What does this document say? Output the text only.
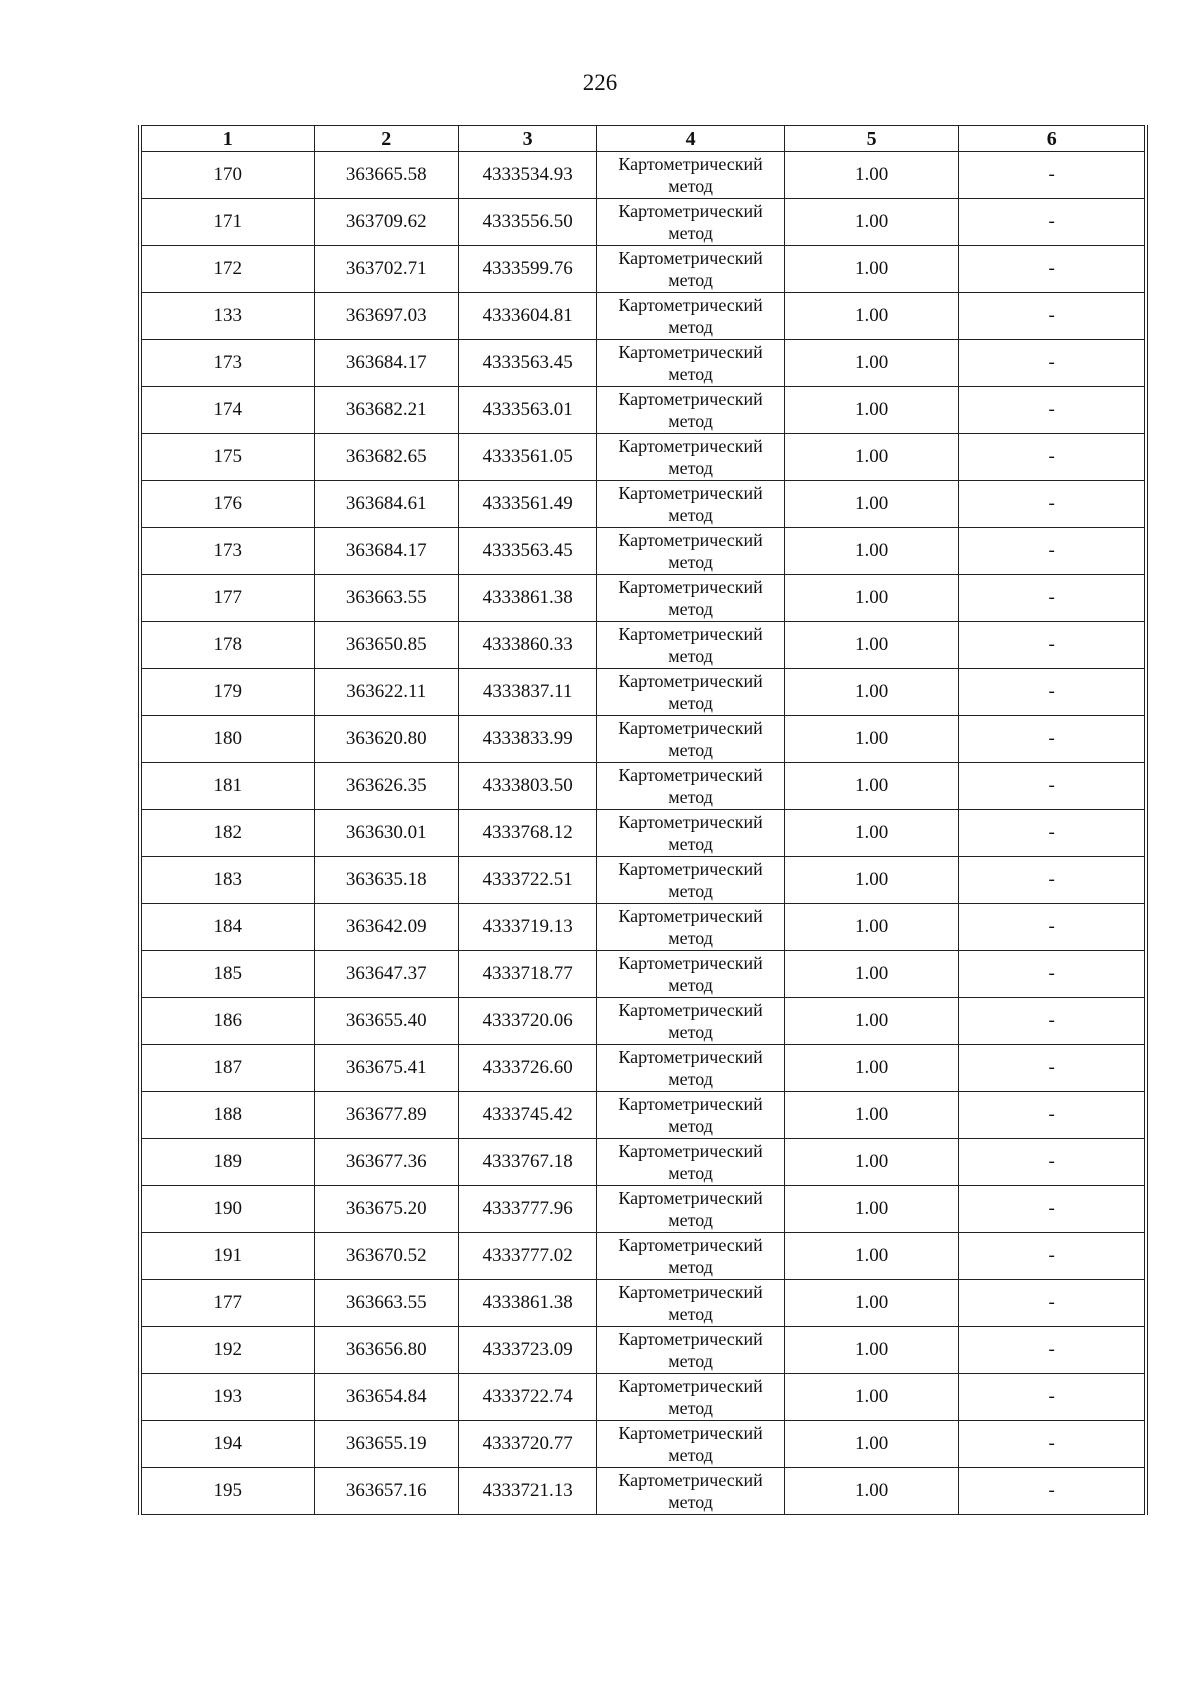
226
1	2	3	4	5	6
170	363665.58	4333534.93	Картометрический метод	1.00	-
171	363709.62	4333556.50	Картометрический метод	1.00	-
172	363702.71	4333599.76	Картометрический метод	1.00	-
133	363697.03	4333604.81	Картометрический метод	1.00	-
173	363684.17	4333563.45	Картометрический метод	1.00	-
174	363682.21	4333563.01	Картометрический метод	1.00	-
175	363682.65	4333561.05	Картометрический метод	1.00	-
176	363684.61	4333561.49	Картометрический метод	1.00	-
173	363684.17	4333563.45	Картометрический метод	1.00	-
177	363663.55	4333861.38	Картометрический метод	1.00	-
178	363650.85	4333860.33	Картометрический метод	1.00	-
179	363622.11	4333837.11	Картометрический метод	1.00	-
180	363620.80	4333833.99	Картометрический метод	1.00	-
181	363626.35	4333803.50	Картометрический метод	1.00	-
182	363630.01	4333768.12	Картометрический метод	1.00	-
183	363635.18	4333722.51	Картометрический метод	1.00	-
184	363642.09	4333719.13	Картометрический метод	1.00	-
185	363647.37	4333718.77	Картометрический метод	1.00	-
186	363655.40	4333720.06	Картометрический метод	1.00	-
187	363675.41	4333726.60	Картометрический метод	1.00	-
188	363677.89	4333745.42	Картометрический метод	1.00	-
189	363677.36	4333767.18	Картометрический метод	1.00	-
190	363675.20	4333777.96	Картометрический метод	1.00	-
191	363670.52	4333777.02	Картометрический метод	1.00	-
177	363663.55	4333861.38	Картометрический метод	1.00	-
192	363656.80	4333723.09	Картометрический метод	1.00	-
193	363654.84	4333722.74	Картометрический метод	1.00	-
194	363655.19	4333720.77	Картометрический метод	1.00	-
195	363657.16	4333721.13	Картометрический метод	1.00	-
